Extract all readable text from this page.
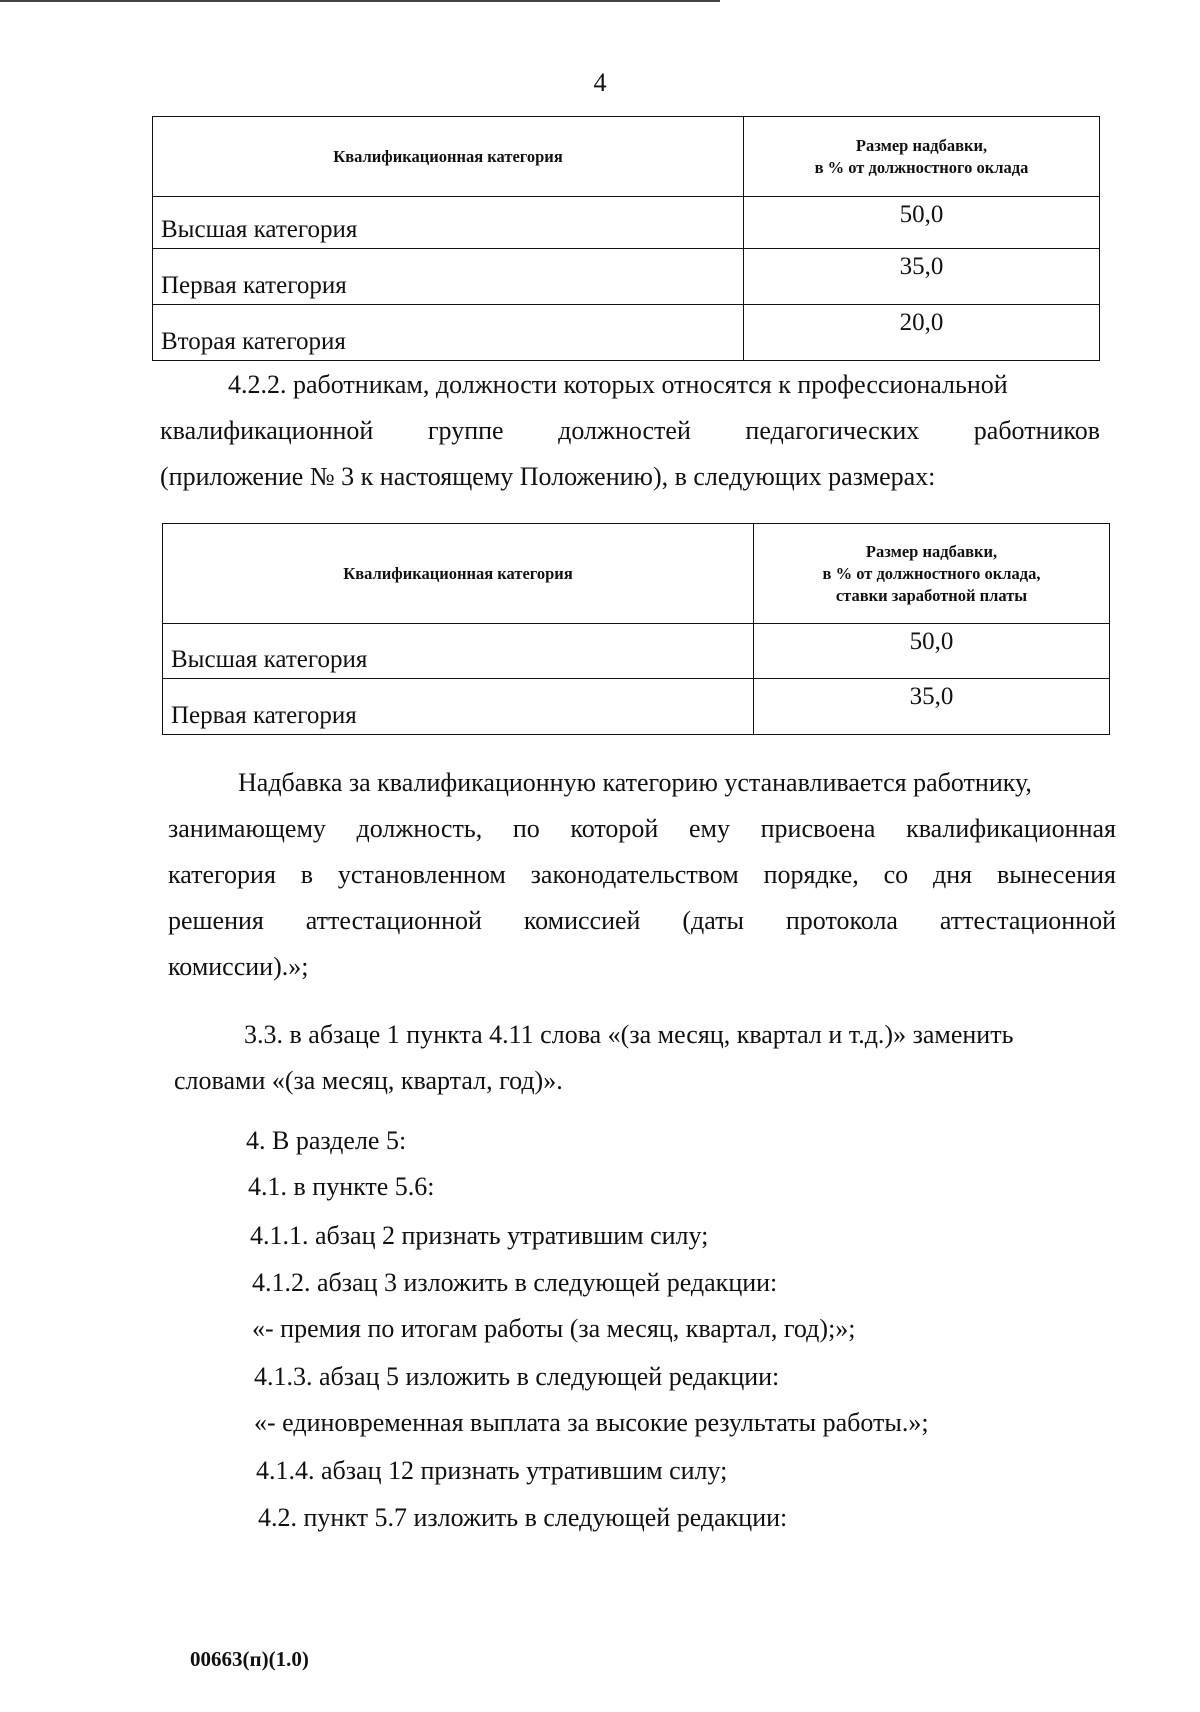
4
Квалификационная категория	Размер надбавки,
в % от должностного оклада

Высшая категория	50,0
Первая категория	35,0
Вторая категория	20,0
4.2.2. работникам, должности которых относятся к профессиональной
квалификационной группе должностей педагогических работников
(приложение № 3 к настоящему Положению), в следующих размерах:
Квалификационная категория	Размер надбавки,
в % от должностного оклада,
ставки заработной платы

Высшая категория	50,0
Первая категория	35,0
Надбавка за квалификационную категорию устанавливается работнику,
занимающему должность, по которой ему присвоена квалификационная
категория в установленном законодательством порядке, со дня вынесения
решения аттестационной комиссией (даты протокола аттестационной
комиссии).»;
3.3. в абзаце 1 пункта 4.11 слова «(за месяц, квартал и т.д.)» заменить
словами «(за месяц, квартал, год)».
4. В разделе 5:
4.1. в пункте 5.6:
4.1.1. абзац 2 признать утратившим силу;
4.1.2. абзац 3 изложить в следующей редакции:
«- премия по итогам работы (за месяц, квартал, год);»;
4.1.3. абзац 5 изложить в следующей редакции:
«- единовременная выплата за высокие результаты работы.»;
4.1.4. абзац 12 признать утратившим силу;
4.2. пункт 5.7 изложить в следующей редакции:
00663(п)(1.0)
